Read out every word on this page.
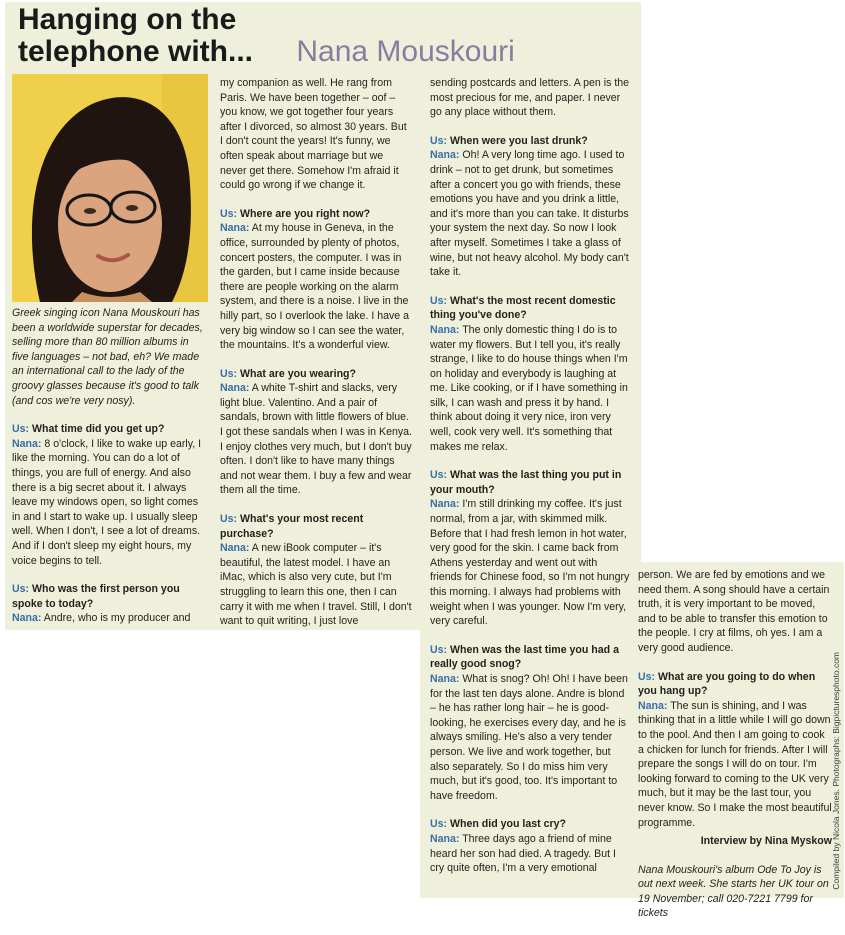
Hanging on the telephone with... Nana Mouskouri

Greek singing icon Nana Mouskouri has been a worldwide superstar for decades, selling more than 80 million albums in five languages – not bad, eh? We made an international call to the lady of the groovy glasses because it's good to talk (and cos we're very nosy).

Us: What time did you get up?
Nana: 8 o'clock, I like to wake up early, I like the morning. You can do a lot of things, you are full of energy. And also there is a big secret about it. I always leave my windows open, so light comes in and I start to wake up. I usually sleep well. When I don't, I see a lot of dreams. And if I don't sleep my eight hours, my voice begins to tell.

Us: Who was the first person you spoke to today?
Nana: Andre, who is my producer and

my companion as well. He rang from Paris. We have been together – oof – you know, we got together four years after I divorced, so almost 30 years. But I don't count the years! It's funny, we often speak about marriage but we never get there. Somehow I'm afraid it could go wrong if we change it.

Us: Where are you right now?
Nana: At my house in Geneva, in the office, surrounded by plenty of photos, concert posters, the computer. I was in the garden, but I came inside because there are people working on the alarm system, and there is a noise. I live in the hilly part, so I overlook the lake. I have a very big window so I can see the water, the mountains. It's a wonderful view.

Us: What are you wearing?
Nana: A white T-shirt and slacks, very light blue. Valentino. And a pair of sandals, brown with little flowers of blue. I got these sandals when I was in Kenya. I enjoy clothes very much, but I don't buy often. I don't like to have many things and not wear them. I buy a few and wear them all the time.

Us: What's your most recent purchase?
Nana: A new iBook computer – it's beautiful, the latest model. I have an iMac, which is also very cute, but I'm struggling to learn this one, then I can carry it with me when I travel. Still, I don't want to quit writing, I just love

sending postcards and letters. A pen is the most precious for me, and paper. I never go any place without them.

Us: When were you last drunk?
Nana: Oh! A very long time ago. I used to drink – not to get drunk, but sometimes after a concert you go with friends, these emotions you have and you drink a little, and it's more than you can take. It disturbs your system the next day. So now I look after myself. Sometimes I take a glass of wine, but not heavy alcohol. My body can't take it.

Us: What's the most recent domestic thing you've done?
Nana: The only domestic thing I do is to water my flowers. But I tell you, it's really strange, I like to do house things when I'm on holiday and everybody is laughing at me. Like cooking, or if I have something in silk, I can wash and press it by hand. I think about doing it very nice, iron very well, cook very well. It's something that makes me relax.

Us: What was the last thing you put in your mouth?
Nana: I'm still drinking my coffee. It's just normal, from a jar, with skimmed milk. Before that I had fresh lemon in hot water, very good for the skin. I came back from Athens yesterday and went out with friends for Chinese food, so I'm not hungry this morning. I always had problems with weight when I was younger. Now I'm very, very careful.

Us: When was the last time you had a really good snog?
Nana: What is snog? Oh! Oh! I have been for the last ten days alone. Andre is blond – he has rather long hair – he is good-looking, he exercises every day, and he is always smiling. He's also a very tender person. We live and work together, but also separately. So I do miss him very much, but it's good, too. It's important to have freedom.

Us: When did you last cry?
Nana: Three days ago a friend of mine heard her son had died. A tragedy. But I cry quite often, I'm a very emotional

person. We are fed by emotions and we need them. A song should have a certain truth, it is very important to be moved, and to be able to transfer this emotion to the people. I cry at films, oh yes. I am a very good audience.

Us: What are you going to do when you hang up?
Nana: The sun is shining, and I was thinking that in a little while I will go down to the pool. And then I am going to cook a chicken for lunch for friends. After I will prepare the songs I will do on tour. I'm looking forward to coming to the UK very much, but it may be the last tour, you never know. So I make the most beautiful programme.

Interview by Nina Myskow

Nana Mouskouri's album Ode To Joy is out next week. She starts her UK tour on 19 November; call 020-7221 7799 for tickets

Compiled by Nicola Jones. Photographs: Bigpicturesphoto.com
